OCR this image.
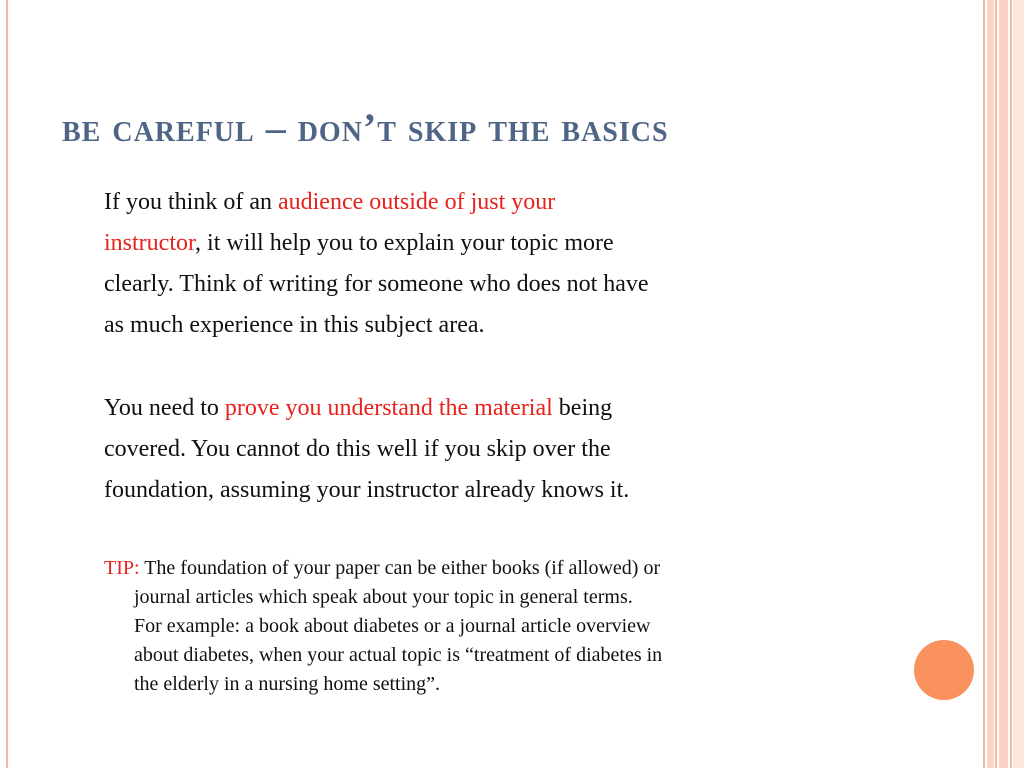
be careful – don’t skip the basics

If you think of an audience outside of just your
instructor, it will help you to explain your topic more
clearly. Think of writing for someone who does not have
as much experience in this subject area.

You need to prove you understand the material being
covered. You cannot do this well if you skip over the
foundation, assuming your instructor already knows it.

TIP: The foundation of your paper can be either books (if allowed) or
journal articles which speak about your topic in general terms.
For example: a book about diabetes or a journal article overview
about diabetes, when your actual topic is “treatment of diabetes in
the elderly in a nursing home setting”.
